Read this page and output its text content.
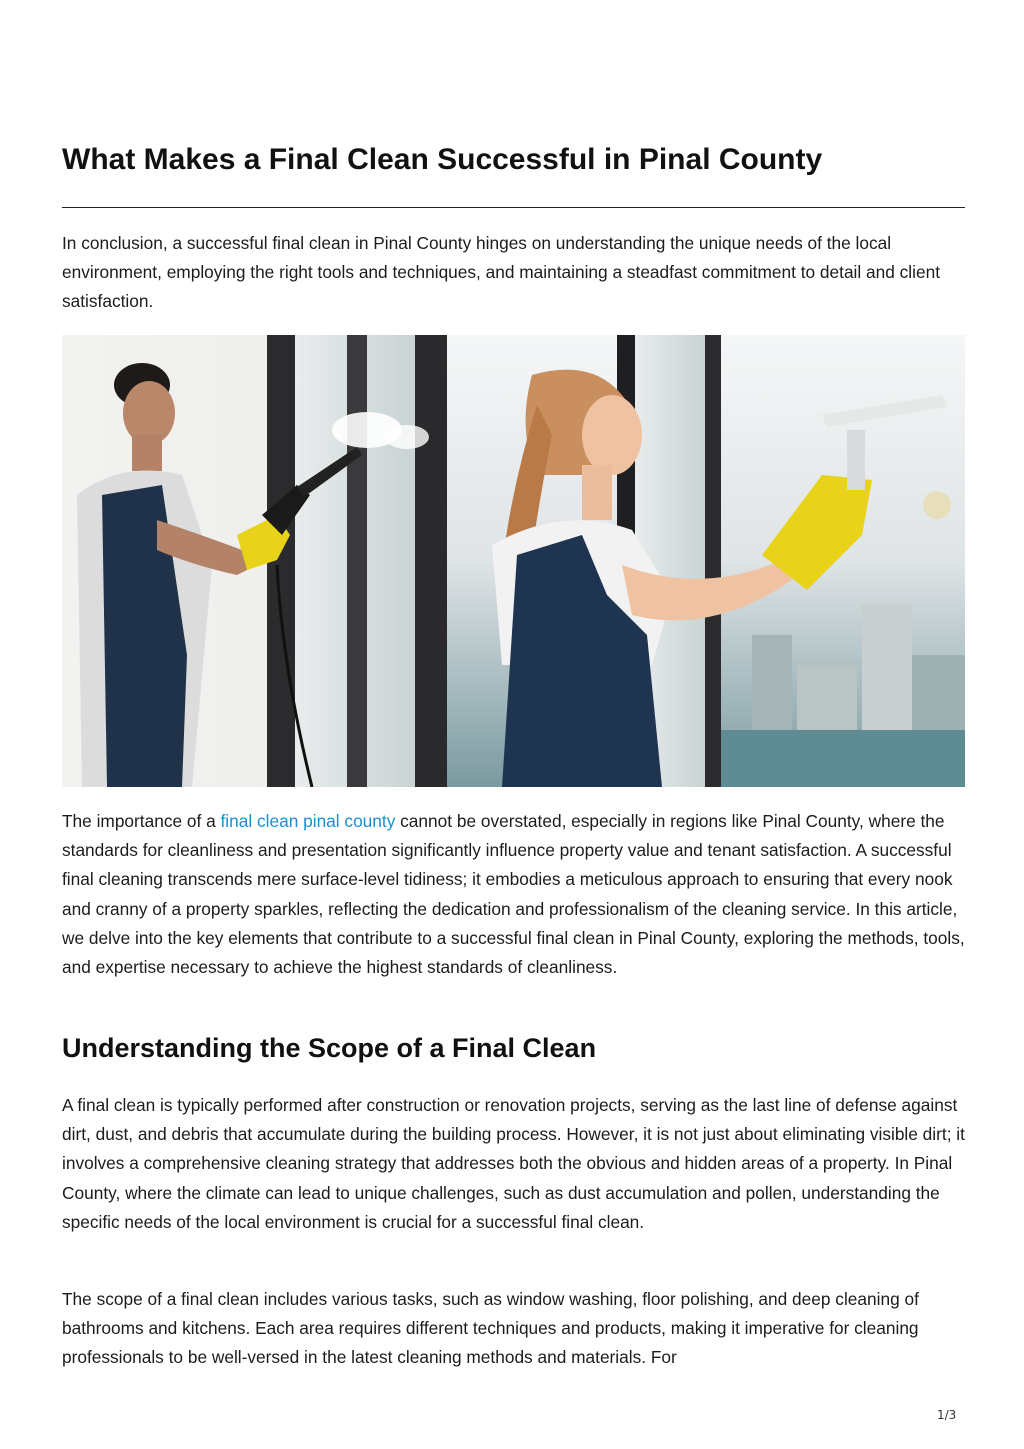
What Makes a Final Clean Successful in Pinal County

In conclusion, a successful final clean in Pinal County hinges on understanding the unique needs of the local environment, employing the right tools and techniques, and maintaining a steadfast commitment to detail and client satisfaction.

The importance of a final clean pinal county cannot be overstated, especially in regions like Pinal County, where the standards for cleanliness and presentation significantly influence property value and tenant satisfaction. A successful final cleaning transcends mere surface-level tidiness; it embodies a meticulous approach to ensuring that every nook and cranny of a property sparkles, reflecting the dedication and professionalism of the cleaning service. In this article, we delve into the key elements that contribute to a successful final clean in Pinal County, exploring the methods, tools, and expertise necessary to achieve the highest standards of cleanliness.

Understanding the Scope of a Final Clean

A final clean is typically performed after construction or renovation projects, serving as the last line of defense against dirt, dust, and debris that accumulate during the building process. However, it is not just about eliminating visible dirt; it involves a comprehensive cleaning strategy that addresses both the obvious and hidden areas of a property. In Pinal County, where the climate can lead to unique challenges, such as dust accumulation and pollen, understanding the specific needs of the local environment is crucial for a successful final clean.

The scope of a final clean includes various tasks, such as window washing, floor polishing, and deep cleaning of bathrooms and kitchens. Each area requires different techniques and products, making it imperative for cleaning professionals to be well-versed in the latest cleaning methods and materials. For

1/3
